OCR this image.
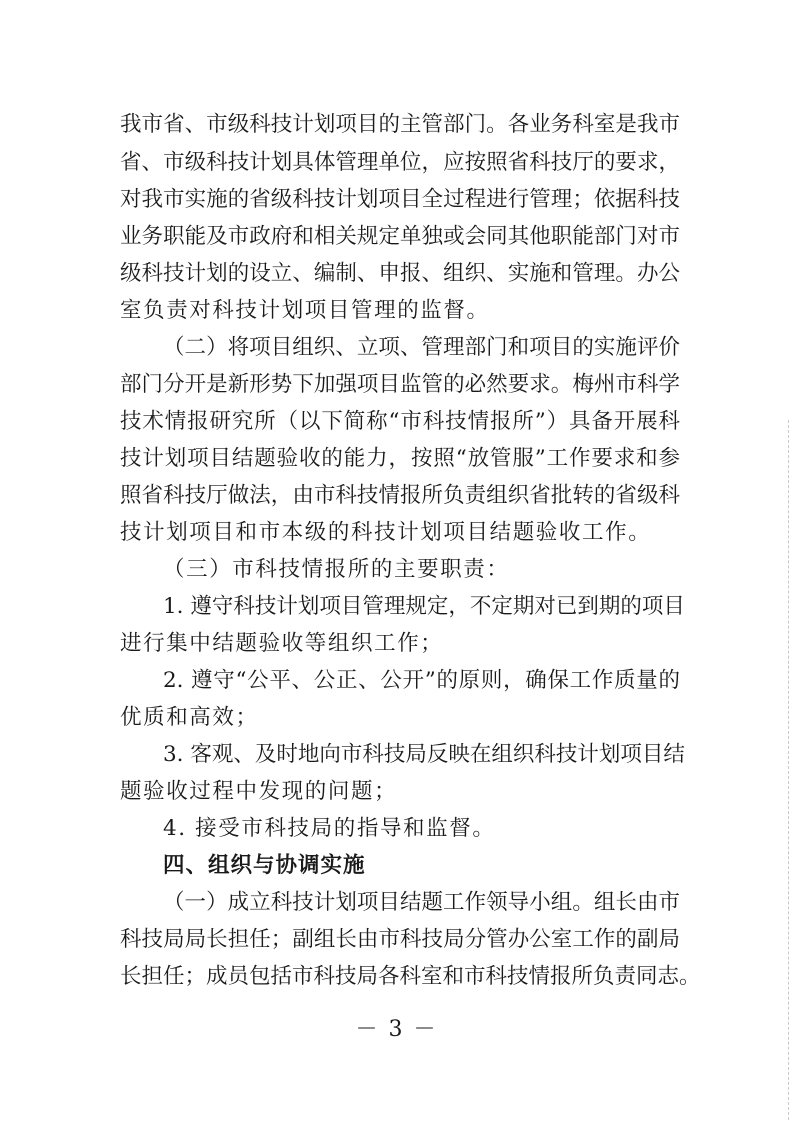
我市省、市级科技计划项目的主管部门。各业务科室是我市
省、市级科技计划具体管理单位，应按照省科技厅的要求，
对我市实施的省级科技计划项目全过程进行管理；依据科技
业务职能及市政府和相关规定单独或会同其他职能部门对市
级科技计划的设立、编制、申报、组织、实施和管理。办公
室负责对科技计划项目管理的监督。
（二）将项目组织、立项、管理部门和项目的实施评价
部门分开是新形势下加强项目监管的必然要求。梅州市科学
技术情报研究所（以下简称“市科技情报所”）具备开展科
技计划项目结题验收的能力，按照“放管服”工作要求和参
照省科技厅做法，由市科技情报所负责组织省批转的省级科
技计划项目和市本级的科技计划项目结题验收工作。
（三）市科技情报所的主要职责：
1. 遵守科技计划项目管理规定，不定期对已到期的项目
进行集中结题验收等组织工作；
2. 遵守“公平、公正、公开”的原则，确保工作质量的
优质和高效；
3. 客观、及时地向市科技局反映在组织科技计划项目结
题验收过程中发现的问题；
4. 接受市科技局的指导和监督。
四、组织与协调实施
（一）成立科技计划项目结题工作领导小组。组长由市
科技局局长担任；副组长由市科技局分管办公室工作的副局
长担任；成员包括市科技局各科室和市科技情报所负责同志。
－ 3 －
